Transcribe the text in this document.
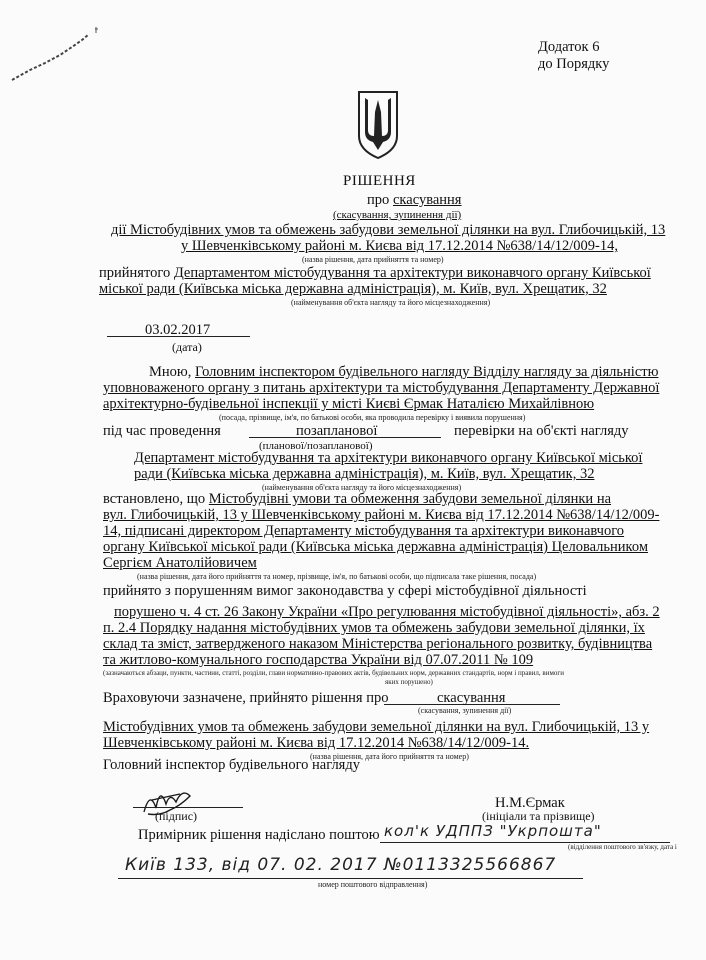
Додаток 6
до Порядку
РІШЕННЯ
про скасування
(скасування, зупинення дії)
дії Містобудівних умов та обмежень забудови земельної ділянки на вул. Глибочицькій, 13
у Шевченківському районі м. Києва від 17.12.2014 №638/14/12/009-14,
(назва рішення, дата прийняття та номер)
прийнятого Департаментом містобудування та архітектури виконавчого органу Київської
міської ради (Київська міська державна адміністрація), м. Київ, вул. Хрещатик, 32
(найменування об'єкта нагляду та його місцезнаходження)
03.02.2017
(дата)
Мною, Головним інспектором будівельного нагляду Відділу нагляду за діяльністю
уповноваженого органу з питань архітектури та містобудування Департаменту Державної
архітектурно-будівельної інспекції у місті Києві Єрмак Наталією Михайлівною
(посада, прізвище, ім'я, по батькові особи, яка проводила перевірку і виявила порушення)
під час проведення	позапланової	перевірки на об'єкті нагляду
(планової/позапланової)
Департамент містобудування та архітектури виконавчого органу Київської міської
ради (Київська міська державна адміністрація), м. Київ, вул. Хрещатик, 32
(найменування об'єкта нагляду та його місцезнаходження)
встановлено, що Містобудівні умови та обмеження забудови земельної ділянки на
вул. Глибочицькій, 13 у Шевченківському районі м. Києва від 17.12.2014 №638/14/12/009-
14, підписані директором Департаменту містобудування та архітектури виконавчого
органу Київської міської ради (Київська міська державна адміністрація) Целовальником
Сергієм Анатолійовичем
(назва рішення, дата його прийняття та номер, прізвище, ім'я, по батькові особи, що підписала таке рішення, посада)
прийнято з порушенням вимог законодавства у сфері містобудівної діяльності
порушено ч. 4 ст. 26 Закону України «Про регулювання містобудівної діяльності», абз. 2
п. 2.4 Порядку надання містобудівних умов та обмежень забудови земельної ділянки, їх
склад та зміст, затвердженого наказом Міністерства регіонального розвитку, будівництва
та житлово-комунального господарства України від 07.07.2011 № 109
(зазначаються абзаци, пункти, частини, статті, розділи, глави нормативно-правових актів, будівельних норм, державних стандартів, норм і правил, вимоги
яких порушено)
Враховуючи зазначене, прийнято рішення про	скасування
(скасування, зупинення дії)
Містобудівних умов та обмежень забудови земельної ділянки на вул. Глибочицькій, 13 у
Шевченківському районі м. Києва від 17.12.2014 №638/14/12/009-14.
(назва рішення, дата його прийняття та номер)
Головний інспектор будівельного нагляду
(підпис)
Н.М.Єрмак
(ініціали та прізвище)
Примірник рішення надіслано поштою кол'к УДППЗ "Укрпошта"
(відділення поштового зв'язку, дата і
Київ 133, від 07. 02. 2017 №0113325566867
номер поштового відправлення)
